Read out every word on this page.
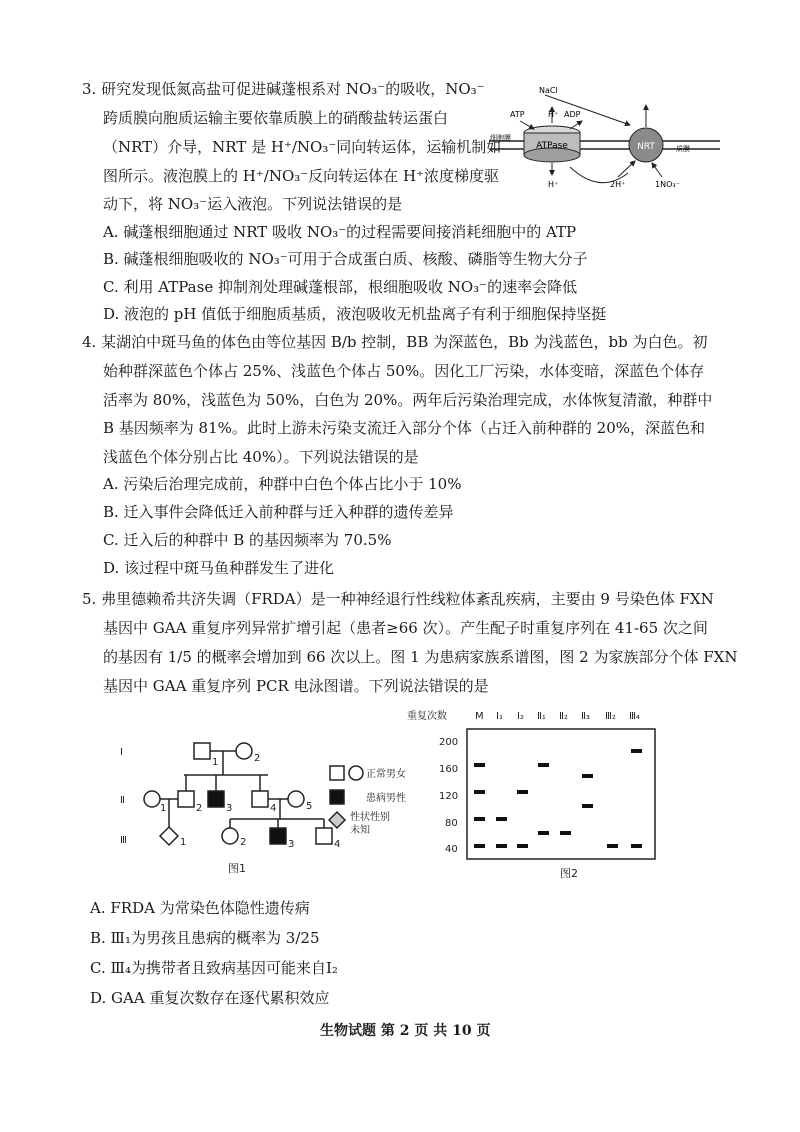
3. 研究发现低氮高盐可促进碱蓬根系对 NO₃⁻的吸收，NO₃⁻
跨质膜向胞质运输主要依靠质膜上的硝酸盐转运蛋白
（NRT）介导，NRT 是 H⁺/NO₃⁻同向转运体，运输机制如
图所示。液泡膜上的 H⁺/NO₃⁻反向转运体在 H⁺浓度梯度驱
动下，将 NO₃⁻运入液泡。下列说法错误的是
A. 碱蓬根细胞通过 NRT 吸收 NO₃⁻的过程需要间接消耗细胞中的 ATP
B. 碱蓬根细胞吸收的 NO₃⁻可用于合成蛋白质、核酸、磷脂等生物大分子
C. 利用 ATPase 抑制剂处理碱蓬根部，根细胞吸收 NO₃⁻的速率会降低
D. 液泡的 pH 值低于细胞质基质，液泡吸收无机盐离子有利于细胞保持坚挺
ATPase	NRT
NaCl
ATP	H⁺ ADP
细胞膜
质膜
H⁺	2H⁺	1NO₃⁻
4. 某湖泊中斑马鱼的体色由等位基因 B/b 控制，BB 为深蓝色，Bb 为浅蓝色，bb 为白色。初
始种群深蓝色个体占 25%、浅蓝色个体占 50%。因化工厂污染，水体变暗，深蓝色个体存
活率为 80%，浅蓝色为 50%，白色为 20%。两年后污染治理完成，水体恢复清澈，种群中
B 基因频率为 81%。此时上游未污染支流迁入部分个体（占迁入前种群的 20%，深蓝色和
浅蓝色个体分别占比 40%）。下列说法错误的是
A. 污染后治理完成前，种群中白色个体占比小于 10%
B. 迁入事件会降低迁入前种群与迁入种群的遗传差异
C. 迁入后的种群中 B 的基因频率为 70.5%
D. 该过程中斑马鱼种群发生了进化
5. 弗里德赖希共济失调（FRDA）是一种神经退行性线粒体紊乱疾病，主要由 9 号染色体 FXN
基因中 GAA 重复序列异常扩增引起（患者≥66 次）。产生配子时重复序列在 41-65 次之间
的基因有 1/5 的概率会增加到 66 次以上。图 1 为患病家族系谱图，图 2 为家族部分个体 FXN
基因中 GAA 重复序列 PCR 电泳图谱。下列说法错误的是
Ⅰ
Ⅱ
Ⅲ
1	2
1	2 3	4	5
1	2	3	4
图1
正常男女
患病男性
性状性别
未知
重复次数	M Ⅰ₁ Ⅰ₂ Ⅱ₁ Ⅱ₂ Ⅱ₃ Ⅲ₂ Ⅲ₄
200
160
120
80
40
图2
A. FRDA 为常染色体隐性遗传病
B. Ⅲ₁为男孩且患病的概率为 3/25
C. Ⅲ₄为携带者且致病基因可能来自Ⅰ₂
D. GAA 重复次数存在逐代累积效应
生物试题 第 2 页 共 10 页
